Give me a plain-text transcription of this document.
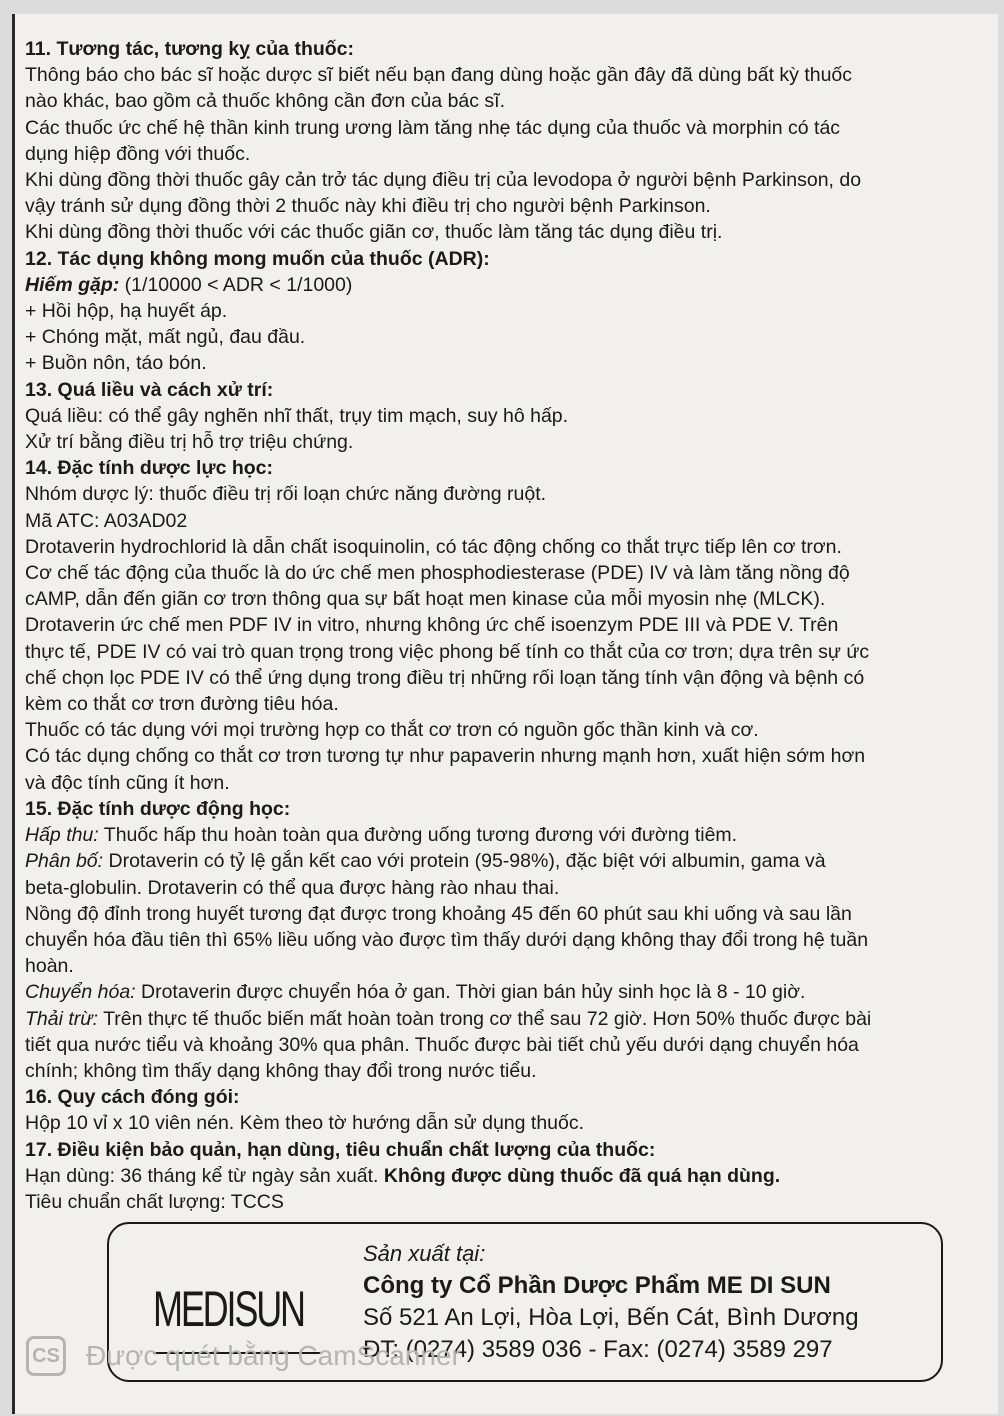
11. Tương tác, tương kỵ của thuốc:
Thông báo cho bác sĩ hoặc dược sĩ biết nếu bạn đang dùng hoặc gần đây đã dùng bất kỳ thuốc
nào khác, bao gồm cả thuốc không cần đơn của bác sĩ.
Các thuốc ức chế hệ thần kinh trung ương làm tăng nhẹ tác dụng của thuốc và morphin có tác
dụng hiệp đồng với thuốc.
Khi dùng đồng thời thuốc gây cản trở tác dụng điều trị của levodopa ở người bệnh Parkinson, do
vậy tránh sử dụng đồng thời 2 thuốc này khi điều trị cho người bệnh Parkinson.
Khi dùng đồng thời thuốc với các thuốc giãn cơ, thuốc làm tăng tác dụng điều trị.
12. Tác dụng không mong muốn của thuốc (ADR):
Hiếm gặp: (1/10000 < ADR < 1/1000)
+ Hồi hộp, hạ huyết áp.
+ Chóng mặt, mất ngủ, đau đầu.
+ Buồn nôn, táo bón.
13. Quá liều và cách xử trí:
Quá liều: có thể gây nghẽn nhĩ thất, trụy tim mạch, suy hô hấp.
Xử trí bằng điều trị hỗ trợ triệu chứng.
14. Đặc tính dược lực học:
Nhóm dược lý: thuốc điều trị rối loạn chức năng đường ruột.
Mã ATC: A03AD02
Drotaverin hydrochlorid là dẫn chất isoquinolin, có tác động chống co thắt trực tiếp lên cơ trơn.
Cơ chế tác động của thuốc là do ức chế men phosphodiesterase (PDE) IV và làm tăng nồng độ
cAMP, dẫn đến giãn cơ trơn thông qua sự bất hoạt men kinase của mỗi myosin nhẹ (MLCK).
Drotaverin ức chế men PDF IV in vitro, nhưng không ức chế isoenzym PDE III và PDE V. Trên
thực tế, PDE IV có vai trò quan trọng trong việc phong bế tính co thắt của cơ trơn; dựa trên sự ức
chế chọn lọc PDE IV có thể ứng dụng trong điều trị những rối loạn tăng tính vận động và bệnh có
kèm co thắt cơ trơn đường tiêu hóa.
Thuốc có tác dụng với mọi trường hợp co thắt cơ trơn có nguồn gốc thần kinh và cơ.
Có tác dụng chống co thắt cơ trơn tương tự như papaverin nhưng mạnh hơn, xuất hiện sớm hơn
và độc tính cũng ít hơn.
15. Đặc tính dược động học:
Hấp thu: Thuốc hấp thu hoàn toàn qua đường uống tương đương với đường tiêm.
Phân bố: Drotaverin có tỷ lệ gắn kết cao với protein (95-98%), đặc biệt với albumin, gama và
beta-globulin. Drotaverin có thể qua được hàng rào nhau thai.
Nồng độ đỉnh trong huyết tương đạt được trong khoảng 45 đến 60 phút sau khi uống và sau lần
chuyển hóa đầu tiên thì 65% liều uống vào được tìm thấy dưới dạng không thay đổi trong hệ tuần
hoàn.
Chuyển hóa: Drotaverin được chuyển hóa ở gan. Thời gian bán hủy sinh học là 8 - 10 giờ.
Thải trừ: Trên thực tế thuốc biến mất hoàn toàn trong cơ thể sau 72 giờ. Hơn 50% thuốc được bài
tiết qua nước tiểu và khoảng 30% qua phân. Thuốc được bài tiết chủ yếu dưới dạng chuyển hóa
chính; không tìm thấy dạng không thay đổi trong nước tiểu.
16. Quy cách đóng gói:
Hộp 10 vỉ x 10 viên nén. Kèm theo tờ hướng dẫn sử dụng thuốc.
17. Điều kiện bảo quản, hạn dùng, tiêu chuẩn chất lượng của thuốc:
Hạn dùng: 36 tháng kể từ ngày sản xuất. Không được dùng thuốc đã quá hạn dùng.
Tiêu chuẩn chất lượng: TCCS
MEDISUN
Sản xuất tại:
Công ty Cổ Phần Dược Phẩm ME DI SUN
Số 521 An Lợi, Hòa Lợi, Bến Cát, Bình Dương
ĐT: (0274) 3589 036 - Fax: (0274) 3589 297
CS Được quét bằng CamScanner
